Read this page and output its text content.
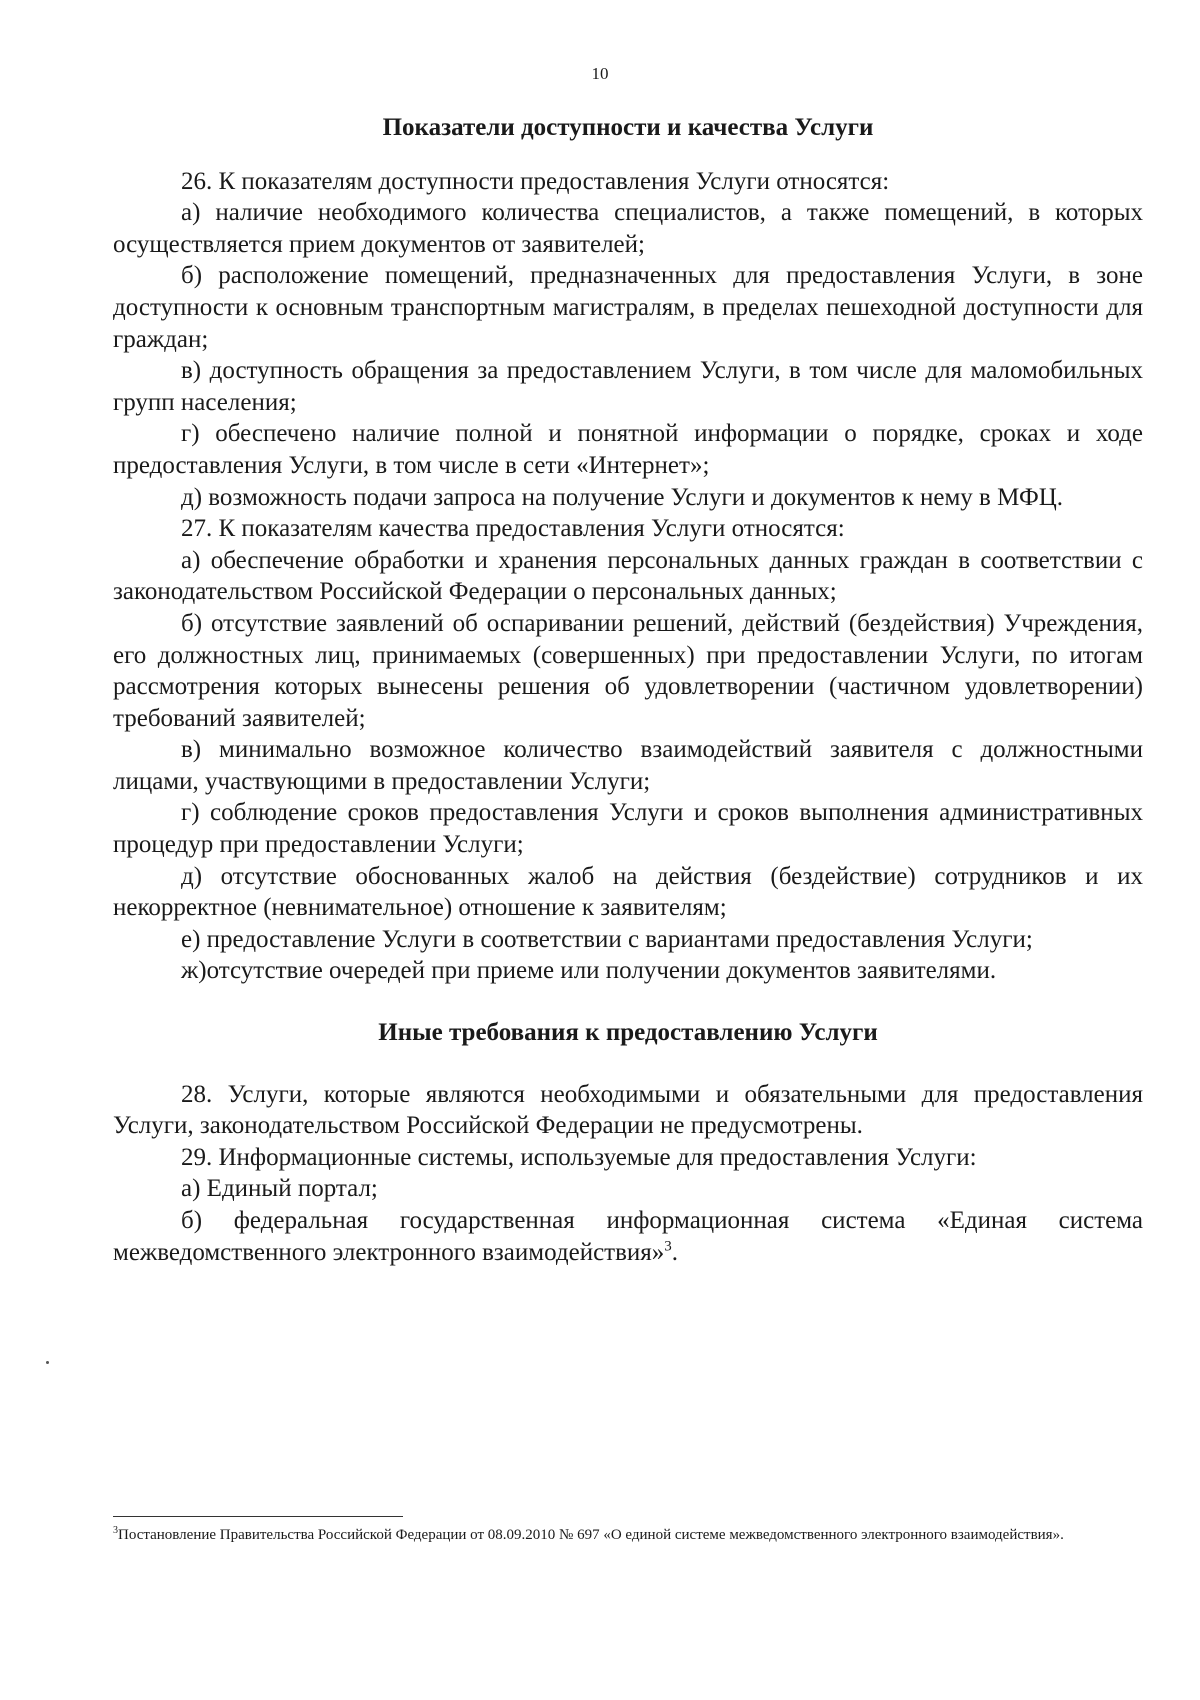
10

Показатели доступности и качества Услуги

26. К показателям доступности предоставления Услуги относятся:

а) наличие необходимого количества специалистов, а также помещений, в которых осуществляется прием документов от заявителей;

б) расположение помещений, предназначенных для предоставления Услуги, в зоне доступности к основным транспортным магистралям, в пределах пешеходной доступности для граждан;

в) доступность обращения за предоставлением Услуги, в том числе для маломобильных групп населения;

г) обеспечено наличие полной и понятной информации о порядке, сроках и ходе предоставления Услуги, в том числе в сети «Интернет»;

д) возможность подачи запроса на получение Услуги и документов к нему в МФЦ.

27. К показателям качества предоставления Услуги относятся:

а) обеспечение обработки и хранения персональных данных граждан в соответствии с законодательством Российской Федерации о персональных данных;

б) отсутствие заявлений об оспаривании решений, действий (бездействия) Учреждения, его должностных лиц, принимаемых (совершенных) при предоставлении Услуги, по итогам рассмотрения которых вынесены решения об удовлетворении (частичном удовлетворении) требований заявителей;

в) минимально возможное количество взаимодействий заявителя с должностными лицами, участвующими в предоставлении Услуги;

г) соблюдение сроков предоставления Услуги и сроков выполнения административных процедур при предоставлении Услуги;

д) отсутствие обоснованных жалоб на действия (бездействие) сотрудников и их некорректное (невнимательное) отношение к заявителям;

е) предоставление Услуги в соответствии с вариантами предоставления Услуги;

ж)отсутствие очередей при приеме или получении документов заявителями.

Иные требования к предоставлению Услуги

28. Услуги, которые являются необходимыми и обязательными для предоставления Услуги, законодательством Российской Федерации не предусмотрены.

29. Информационные системы, используемые для предоставления Услуги:

а) Единый портал;

б) федеральная государственная информационная система «Единая система межведомственного электронного взаимодействия»$^3$.

$^3$Постановление Правительства Российской Федерации от 08.09.2010 № 697 «О единой системе межведомственного электронного взаимодействия».
